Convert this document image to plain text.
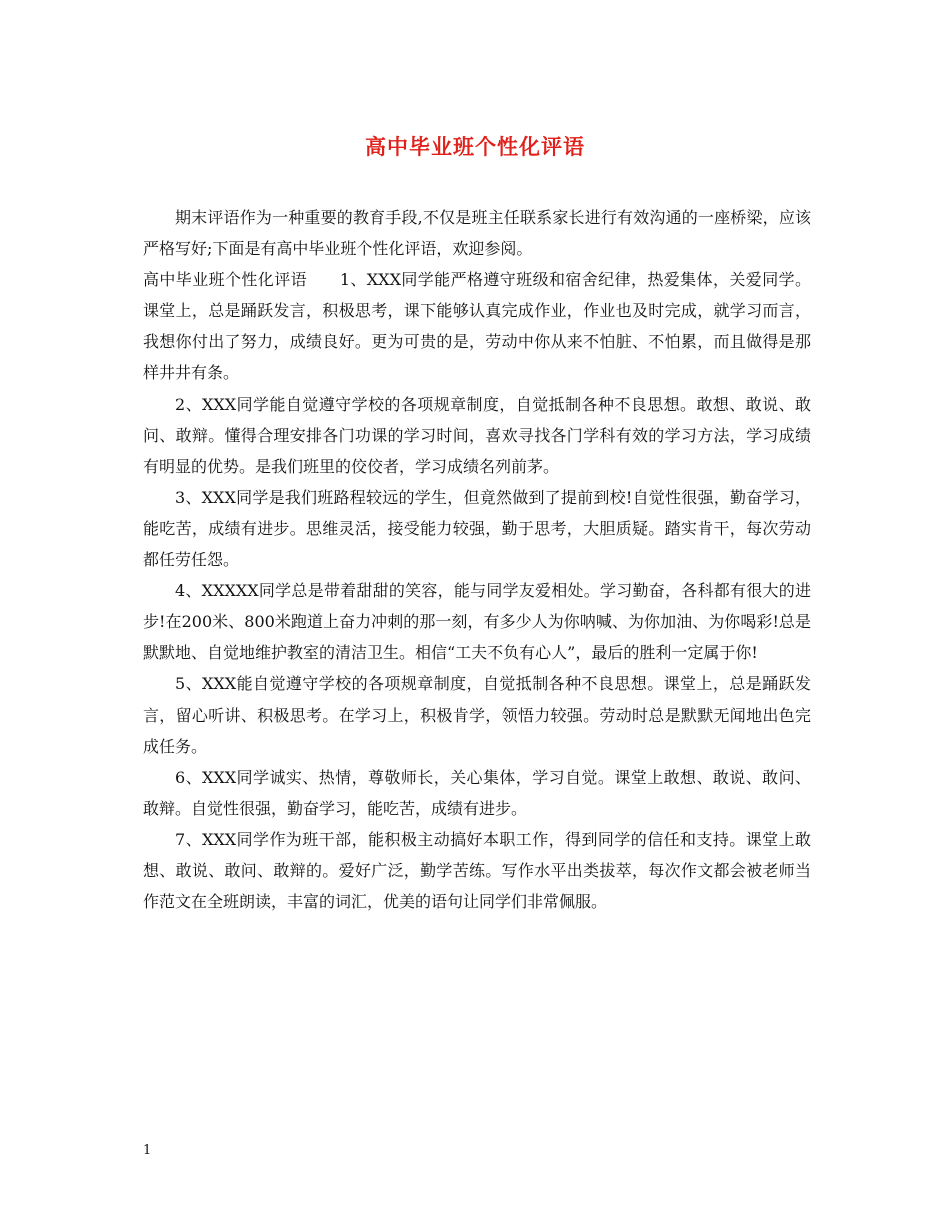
高中毕业班个性化评语

期末评语作为一种重要的教育手段,不仅是班主任联系家长进行有效沟通的一座桥梁，应该严格写好;下面是有高中毕业班个性化评语，欢迎参阅。

高中毕业班个性化评语　　1、XXX同学能严格遵守班级和宿舍纪律，热爱集体，关爱同学。课堂上，总是踊跃发言，积极思考，课下能够认真完成作业，作业也及时完成，就学习而言，我想你付出了努力，成绩良好。更为可贵的是，劳动中你从来不怕脏、不怕累，而且做得是那样井井有条。

2、XXX同学能自觉遵守学校的各项规章制度，自觉抵制各种不良思想。敢想、敢说、敢问、敢辩。懂得合理安排各门功课的学习时间，喜欢寻找各门学科有效的学习方法，学习成绩有明显的优势。是我们班里的佼佼者，学习成绩名列前茅。

3、XXX同学是我们班路程较远的学生，但竟然做到了提前到校!自觉性很强，勤奋学习，能吃苦，成绩有进步。思维灵活，接受能力较强，勤于思考，大胆质疑。踏实肯干，每次劳动都任劳任怨。

4、XXXXX同学总是带着甜甜的笑容，能与同学友爱相处。学习勤奋，各科都有很大的进步!在200米、800米跑道上奋力冲刺的那一刻，有多少人为你呐喊、为你加油、为你喝彩!总是默默地、自觉地维护教室的清洁卫生。相信“工夫不负有心人”，最后的胜利一定属于你!

5、XXX能自觉遵守学校的各项规章制度，自觉抵制各种不良思想。课堂上，总是踊跃发言，留心听讲、积极思考。在学习上，积极肯学，领悟力较强。劳动时总是默默无闻地出色完成任务。

6、XXX同学诚实、热情，尊敬师长，关心集体，学习自觉。课堂上敢想、敢说、敢问、敢辩。自觉性很强，勤奋学习，能吃苦，成绩有进步。

7、XXX同学作为班干部，能积极主动搞好本职工作，得到同学的信任和支持。课堂上敢想、敢说、敢问、敢辩的。爱好广泛，勤学苦练。写作水平出类拔萃，每次作文都会被老师当作范文在全班朗读，丰富的词汇，优美的语句让同学们非常佩服。

1
